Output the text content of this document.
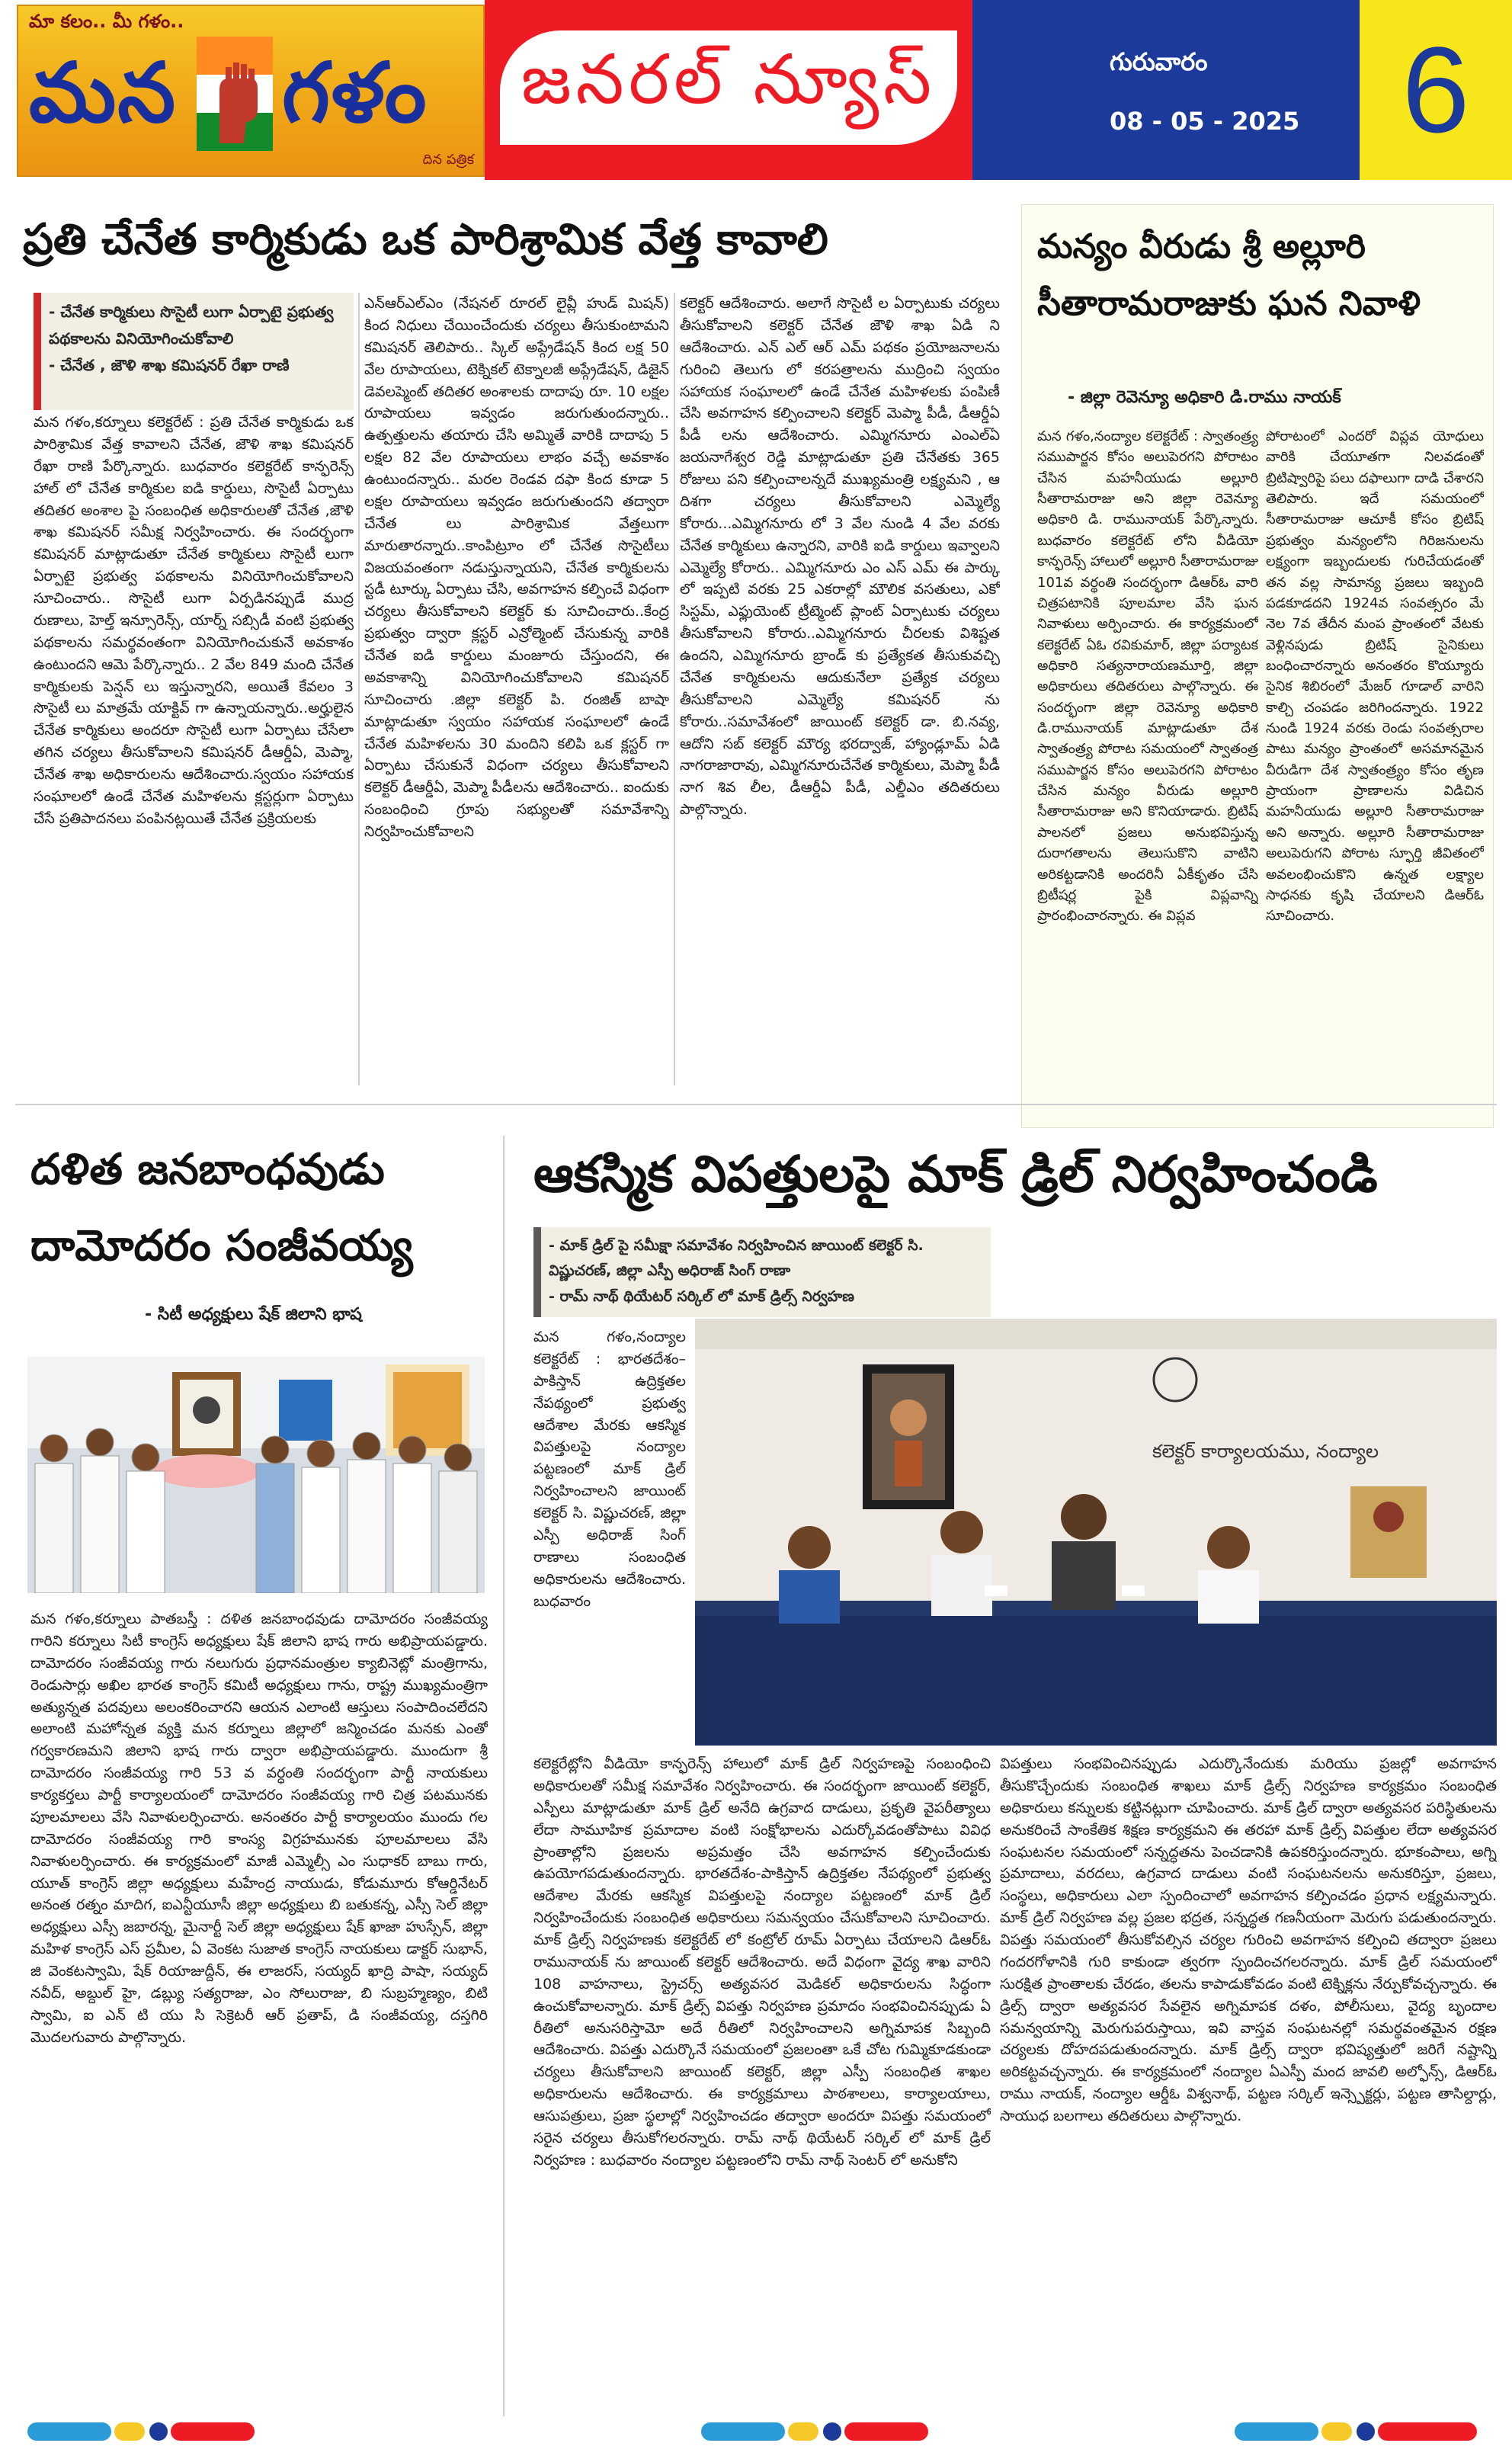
మా కలం.. మీ గళం..
మన గళం
దిన పత్రిక
జనరల్ న్యూస్	గురువారం
08 - 05 - 2025 6
ప్రతి చేనేత కార్మికుడు ఒక పారిశ్రామిక వేత్త కావాలి
- చేనేత కార్మికులు సొసైటీ లుగా ఏర్పాటై ప్రభుత్వ పథకాలను వినియోగించుకోవాలి
- చేనేత , జౌళి శాఖ కమిషనర్ రేఖా రాణి
మన గళం,కర్నూలు కలెక్టరేట్ : ప్రతి చేనేత కార్మికుడు ఒక పారిశ్రామిక వేత్త కావాలని చేనేత, జౌళి శాఖ కమిషనర్ రేఖా రాణి పేర్కొన్నారు. బుధవారం కలెక్టరేట్ కాన్ఫరెన్స్ హాల్ లో చేనేత కార్మికుల ఐడి కార్డులు, సొసైటీ ఏర్పాటు తదితర అంశాల పై సంబంధిత అధికారులతో చేనేత ,జౌళి శాఖ కమిషనర్ సమీక్ష నిర్వహించారు. ఈ సందర్భంగా కమిషనర్ మాట్లాడుతూ చేనేత కార్మికులు సొసైటీ లుగా ఏర్పాటై ప్రభుత్వ పథకాలను వినియోగించుకోవాలని సూచించారు.. సొసైటీ లుగా ఏర్పడినప్పుడే ముద్ర రుణాలు, హెల్త్ ఇన్సూరెన్స్, యార్న్ సబ్సిడీ వంటి ప్రభుత్వ పథకాలను సమర్థవంతంగా వినియోగించుకునే అవకాశం ఉంటుందని ఆమె పేర్కొన్నారు.. 2 వేల 849 మంది చేనేత కార్మికులకు పెన్షన్ లు ఇస్తున్నారని, అయితే కేవలం 3 సొసైటీ లు మాత్రమే యాక్టివ్ గా ఉన్నాయన్నారు..అర్హులైన చేనేత కార్మికులు అందరూ సొసైటీ లుగా ఏర్పాటు చేసేలా తగిన చర్యలు తీసుకోవాలని కమిషనర్ డీఆర్డీఏ, మెప్మా, చేనేత శాఖ అధికారులను ఆదేశించారు.స్వయం సహాయక సంఘాలలో ఉండే చేనేత మహిళలను క్లస్టర్లుగా ఏర్పాటు చేసే ప్రతిపాదనలు పంపినట్లయితే చేనేత ప్రక్రియలకు
ఎన్ఆర్ఎల్ఎం (నేషనల్ రూరల్ లైవ్లీ హుడ్ మిషన్) కింద నిధులు చేయించేందుకు చర్యలు తీసుకుంటామని కమిషనర్ తెలిపారు.. స్కిల్ అప్గ్రేడేషన్ కింద లక్ష 50 వేల రూపాయలు, టెక్నికల్ టెక్నాలజీ అప్గ్రేడేషన్, డిజైన్ డెవలప్మెంట్ తదితర అంశాలకు దాదాపు రూ. 10 లక్షల రూపాయలు ఇవ్వడం జరుగుతుందన్నారు.. ఉత్పత్తులను తయారు చేసి అమ్మితే వారికి దాదాపు 5 లక్షల 82 వేల రూపాయలు లాభం వచ్చే అవకాశం ఉంటుందన్నారు.. మరల రెండవ దఫా కింద కూడా 5 లక్షల రూపాయలు ఇవ్వడం జరుగుతుందని తద్వారా చేనేత లు పారిశ్రామిక వేత్తలుగా మారుతారన్నారు..కాంపిట్రూం లో చేనేత సొసైటీలు విజయవంతంగా నడుస్తున్నాయని, చేనేత కార్మికులను స్టడీ టూర్కు ఏర్పాటు చేసి, అవగాహన కల్పించే విధంగా చర్యలు తీసుకోవాలని కలెక్టర్ కు సూచించారు..కేంద్ర ప్రభుత్వం ద్వారా క్లస్టర్ ఎన్రోల్మెంట్ చేసుకున్న వారికి చేనేత ఐడి కార్డులు మంజూరు చేస్తుందని, ఈ అవకాశాన్ని వినియోగించుకోవాలని కమిషనర్ సూచించారు .జిల్లా కలెక్టర్ పి. రంజిత్ బాషా మాట్లాడుతూ స్వయం సహాయక సంఘాలలో ఉండే చేనేత మహిళలను 30 మందిని కలిపి ఒక క్లస్టర్ గా ఏర్పాటు చేసుకునే విధంగా చర్యలు తీసుకోవాలని కలెక్టర్ డీఆర్డీఏ, మెప్మా పీడీలను ఆదేశించారు.. ఐందుకు సంబంధించి గ్రూపు సభ్యులతో సమావేశాన్ని నిర్వహించుకోవాలని
కలెక్టర్ ఆదేశించారు. అలాగే సొసైటీ ల ఏర్పాటుకు చర్యలు తీసుకోవాలని కలెక్టర్ చేనేత జౌళి శాఖ ఏడి ని ఆదేశించారు. ఎన్ ఎల్ ఆర్ ఎమ్ పథకం ప్రయోజనాలను గురించి తెలుగు లో కరపత్రాలను ముద్రించి స్వయం సహాయక సంఘాలలో ఉండే చేనేత మహిళలకు పంపిణీ చేసి అవగాహన కల్పించాలని కలెక్టర్ మెప్మా పీడీ, డీఆర్డీఏ పీడీ లను ఆదేశించారు. ఎమ్మిగనూరు ఎంఎల్ఏ జయనాగేశ్వర రెడ్డి మాట్లాడుతూ ప్రతి చేనేతకు 365 రోజులు పని కల్పించాలన్నదే ముఖ్యమంత్రి లక్ష్యమని , ఆ దిశగా చర్యలు తీసుకోవాలని ఎమ్మెల్యే కోరారు...ఎమ్మిగనూరు లో 3 వేల నుండి 4 వేల వరకు చేనేత కార్మికులు ఉన్నారని, వారికి ఐడి కార్డులు ఇవ్వాలని ఎమ్మెల్యే కోరారు.. ఎమ్మిగనూరు ఎం ఎస్ ఎమ్ ఈ పార్కు లో ఇప్పటి వరకు 25 ఎకరాల్లో మౌలిక వసతులు, ఎకో సిస్టమ్, ఎఫ్లుయెంట్ ట్రీట్మెంట్ ప్లాంట్ ఏర్పాటుకు చర్యలు తీసుకోవాలని కోరారు..ఎమ్మిగనూరు చీరలకు విశిష్టత ఉందని, ఎమ్మిగనూరు బ్రాండ్ కు ప్రత్యేకత తీసుకువచ్చి చేనేత కార్మికులను ఆదుకునేలా ప్రత్యేక చర్యలు తీసుకోవాలని ఎమ్మెల్యే కమిషనర్ ను కోరారు..సమావేశంలో జాయింట్ కలెక్టర్ డా. బి.నవ్య, ఆదోని సబ్ కలెక్టర్ మౌర్య భరద్వాజ్, హ్యాండ్లూమ్ ఏడి నాగరాజారావు, ఎమ్మిగనూరుచేనేత కార్మికులు, మెప్మా పీడీ నాగ శివ లీల, డీఆర్డీఏ పీడీ, ఎల్డీఎం తదితరులు పాల్గొన్నారు.
మన్యం వీరుడు శ్రీ అల్లూరి సీతారామరాజుకు ఘన నివాళి
- జిల్లా రెవెన్యూ అధికారి డి.రాము నాయక్
మన గళం,నంద్యాల కలెక్టరేట్ : స్వాతంత్ర్య సముపార్జన కోసం అలుపెరగని పోరాటం చేసిన మహనీయుడు అల్లూరి సీతారామరాజు అని జిల్లా రెవెన్యూ అధికారి డి. రామునాయక్ పేర్కొన్నారు. బుధవారం కలెక్టరేట్ లోని వీడియో కాన్ఫరెన్స్ హాలులో అల్లూరి సీతారామరాజు 101వ వర్థంతి సందర్భంగా డిఆర్ఓ వారి చిత్రపటానికి పూలమాల వేసి ఘన నివాళులు అర్పించారు. ఈ కార్యక్రమంలో కలెక్టరేట్ ఏఓ రవికుమార్, జిల్లా పర్యాటక అధికారి సత్యనారాయణమూర్తి, జిల్లా అధికారులు తదితరులు పాల్గొన్నారు. ఈ సందర్భంగా జిల్లా రెవెన్యూ అధికారి డి.రామునాయక్ మాట్లాడుతూ దేశ స్వాతంత్ర్య పోరాట సమయంలో స్వాతంత్ర సముపార్జన కోసం అలుపెరగని పోరాటం చేసిన మన్యం వీరుడు అల్లూరి సీతారామరాజు అని కొనియాడారు. బ్రిటిష్ పాలనలో ప్రజలు అనుభవిస్తున్న దురాగతాలను తెలుసుకొని వాటిని అరికట్టడానికి అందరినీ ఏకీకృతం చేసి బ్రిటీషర్ల పైకి విప్లవాన్ని ప్రారంభించారన్నారు. ఈ విప్లవ
పోరాటంలో ఎందరో విప్లవ యోధులు వారికి చేయూతగా నిలవడంతో బ్రిటిష్వారిపై పలు దఫాలుగా దాడి చేశారని తెలిపారు. ఇదే సమయంలో సీతారామరాజు ఆచూకీ కోసం బ్రిటిష్ ప్రభుత్వం మన్యంలోని గిరిజనులను లక్ష్యంగా ఇబ్బందులకు గురిచేయడంతో తన వల్ల సామాన్య ప్రజలు ఇబ్బంది పడకూడదని 1924వ సంవత్సరం మే నెల 7వ తేదీన మంప ప్రాంతంలో వేటకు వెళ్లినపుడు బ్రిటిష్ సైనికులు బంధించారన్నారు అనంతరం కొయ్యూరు సైనిక శిబిరంలో మేజర్ గూడాల్ వారిని కాల్చి చంపడం జరిగిందన్నారు. 1922 నుండి 1924 వరకు రెండు సంవత్సరాల పాటు మన్యం ప్రాంతంలో అసమానమైన వీరుడిగా దేశ స్వాతంత్ర్యం కోసం తృణ ప్రాయంగా ప్రాణాలను విడిచిన మహనీయుడు అల్లూరి సీతారామరాజు అని అన్నారు. అల్లూరి సీతారామరాజు అలుపెరుగని పోరాట స్ఫూర్తి జీవితంలో అవలంభించుకొని ఉన్నత లక్ష్యాల సాధనకు కృషి చేయాలని డిఆర్ఓ సూచించారు.
దళిత జనబాంధవుడు
దామోదరం సంజీవయ్య
- సిటీ అధ్యక్షులు షేక్ జిలాని భాష
మన గళం,కర్నూలు పాతబస్తీ : దళిత జనబాంధవుడు దామోదరం సంజీవయ్య గారిని కర్నూలు సిటీ కాంగ్రెస్ అధ్యక్షులు షేక్ జిలాని భాష గారు అభిప్రాయపడ్డారు. దామోదరం సంజీవయ్య గారు నలుగురు ప్రధానమంత్రుల క్యాబినెట్లో మంత్రిగాను, రెండుసార్లు అఖిల భారత కాంగ్రెస్ కమిటీ అధ్యక్షులు గాను, రాష్ట్ర ముఖ్యమంత్రిగా అత్యున్నత పదవులు అలంకరించారని ఆయన ఎలాంటి ఆస్తులు సంపాదించలేదని అలాంటి మహోన్నత వ్యక్తి మన కర్నూలు జిల్లాలో జన్మించడం మనకు ఎంతో గర్వకారణమని జిలాని భాష గారు ద్వారా అభిప్రాయపడ్డారు. ముందుగా శ్రీ దామోదరం సంజీవయ్య గారి 53 వ వర్ధంతి సందర్భంగా పార్టీ నాయకులు కార్యకర్తలు పార్టీ కార్యాలయంలో దామోదరం సంజీవయ్య గారి చిత్ర పటమునకు పూలమాలలు వేసి నివాళులర్పించారు. అనంతరం పార్టీ కార్యాలయం ముందు గల దామోదరం సంజీవయ్య గారి కాంస్య విగ్రహమునకు పూలమాలలు వేసి నివాళులర్పించారు. ఈ కార్యక్రమంలో మాజీ ఎమ్మెల్సీ ఎం సుధాకర్ బాబు గారు, యూత్ కాంగ్రెస్ జిల్లా అధ్యక్షులు మహేంద్ర నాయుడు, కోడుమూరు కోఆర్డినేటర్ అనంత రత్నం మాదిగ, ఐఎన్టీయూసీ జిల్లా అధ్యక్షులు బి బతుకన్న, ఎస్సీ సెల్ జిల్లా అధ్యక్షులు ఎస్సీ జబారన్న, మైనార్టీ సెల్ జిల్లా అధ్యక్షులు షేక్ ఖాజా హుస్సేన్, జిల్లా మహిళ కాంగ్రెస్ ఎస్ ప్రమీల, ఏ వెంకట సుజాత కాంగ్రెస్ నాయకులు డాక్టర్ సుభాన్, జి వెంకటస్వామి, షేక్ రియాజుద్దీన్, ఈ లాజరస్, సయ్యద్ ఖాద్రి పాషా, సయ్యద్ నవీద్, అబ్దుల్ హై, డబ్ల్యు సత్యరాజు, ఎం సోలురాజు, బి సుబ్రహ్మణ్యం, బిటి స్వామి, ఐ ఎన్ టి యు సి సెక్రెటరీ ఆర్ ప్రతాప్, డి సంజీవయ్య, దస్తగిరి మొదలగువారు పాల్గొన్నారు.
ఆకస్మిక విపత్తులపై మాక్ డ్రిల్ నిర్వహించండి
- మాక్ డ్రిల్ పై సమీక్షా సమావేశం నిర్వహించిన జాయింట్ కలెక్టర్ సి. విష్ణుచరణ్, జిల్లా ఎస్పీ అధిరాజ్ సింగ్ రాణా
- రామ్ నాథ్ థియేటర్ సర్కిల్ లో మాక్ డ్రిల్స్ నిర్వహణ
మన గళం,నంద్యాల కలెక్టరేట్ : భారతదేశం–పాకిస్తాన్ ఉద్రిక్తతల నేపథ్యంలో ప్రభుత్వ ఆదేశాల మేరకు ఆకస్మిక విపత్తులపై నంద్యాల పట్టణంలో మాక్ డ్రిల్ నిర్వహించాలని జాయింట్ కలెక్టర్ సి. విష్ణుచరణ్, జిల్లా ఎస్పీ అధిరాజ్ సింగ్ రాణాలు సంబంధిత అధికారులను ఆదేశించారు. బుధవారం
కలెక్టర్ కార్యాలయము, నంద్యాల
కలెక్టరేట్లోని వీడియో కాన్ఫరెన్స్ హాలులో మాక్ డ్రిల్ నిర్వహణపై సంబంధించి అధికారులతో సమీక్ష సమావేశం నిర్వహించారు. ఈ సందర్భంగా జాయింట్ కలెక్టర్, ఎస్పీలు మాట్లాడుతూ మాక్ డ్రిల్ అనేది ఉగ్రవాద దాడులు, ప్రకృతి వైపరీత్యాలు లేదా సామూహిక ప్రమాదాల వంటి సంక్షోభాలను ఎదుర్కోవడంతోపాటు వివిధ ప్రాంతాల్లోని ప్రజలను అప్రమత్తం చేసి అవగాహన కల్పించేందుకు ఉపయోగపడుతుందన్నారు. భారతదేశం-పాకిస్తాన్ ఉద్రిక్తతల నేపథ్యంలో ప్రభుత్వ ఆదేశాల మేరకు ఆకస్మిక విపత్తులపై నంద్యాల పట్టణంలో మాక్ డ్రిల్ నిర్వహించేందుకు సంబంధిత అధికారులు సమన్వయం చేసుకోవాలని సూచించారు. మాక్ డ్రిల్స్ నిర్వహణకు కలెక్టరేట్ లో కంట్రోల్ రూమ్ ఏర్పాటు చేయాలని డిఆర్ఓ రామునాయక్ ను జాయింట్ కలెక్టర్ ఆదేశించారు. అదే విధంగా వైద్య శాఖ వారిని 108 వాహనాలు, స్ట్రెచర్స్ అత్యవసర మెడికల్ అధికారులను సిద్ధంగా ఉంచుకోవాలన్నారు. మాక్ డ్రిల్స్ విపత్తు నిర్వహణ ప్రమాదం సంభవించినప్పుడు ఏ రీతిలో అనుసరిస్తామో అదే రీతిలో నిర్వహించాలని అగ్నిమాపక సిబ్బంది ఆదేశించారు. విపత్తు ఎదుర్కొనే సమయంలో ప్రజలంతా ఒకే చోట గుమ్మికూడకుండా చర్యలు తీసుకోవాలని జాయింట్ కలెక్టర్, జిల్లా ఎస్పీ సంబంధిత శాఖల అధికారులను ఆదేశించారు. ఈ కార్యక్రమాలు పాఠశాలలు, కార్యాలయాలు, ఆసుపత్రులు, ప్రజా స్థలాల్లో నిర్వహించడం తద్వారా అందరూ విపత్తు సమయంలో సరైన చర్యలు తీసుకోగలరన్నారు. రామ్ నాథ్ థియేటర్ సర్కిల్ లో మాక్ డ్రిల్ నిర్వహణ : బుధవారం నంద్యాల పట్టణంలోని రామ్ నాథ్ సెంటర్ లో అనుకోని
విపత్తులు సంభవించినప్పుడు ఎదుర్కొనేందుకు మరియు ప్రజల్లో అవగాహన తీసుకొచ్చేందుకు సంబంధిత శాఖలు మాక్ డ్రిల్స్ నిర్వహణ కార్యక్రమం సంబంధిత అధికారులు కన్నులకు కట్టినట్లుగా చూపించారు. మాక్ డ్రిల్ ద్వారా అత్యవసర పరిస్థితులను అనుకరించే సాంకేతిక శిక్షణ కార్యక్రమని ఈ తరహా మాక్ డ్రిల్స్ విపత్తుల లేదా అత్యవసర సంఘటనల సమయంలో సన్నద్ధతను పెంచడానికి ఉపకరిస్తుందన్నారు. భూకంపాలు, అగ్ని ప్రమాదాలు, వరదలు, ఉగ్రవాద దాడులు వంటి సంఘటనలను అనుకరిస్తూ, ప్రజలు, సంస్థలు, అధికారులు ఎలా స్పందించాలో అవగాహన కల్పించడం ప్రధాన లక్ష్యమన్నారు. మాక్ డ్రిల్ నిర్వహణ వల్ల ప్రజల భద్రత, సన్నద్ధత గణనీయంగా మెరుగు పడుతుందన్నారు. విపత్తు సమయంలో తీసుకోవల్సిన చర్యల గురించి అవగాహన కల్పించి తద్వారా ప్రజలు గందరగోళానికి గురి కాకుండా త్వరగా స్పందించగలరన్నారు. మాక్ డ్రిల్ సమయంలో సురక్షిత ప్రాంతాలకు చేరడం, తలను కాపాడుకోవడం వంటి టెక్నిక్లను నేర్పుకోవచ్చన్నారు. ఈ డ్రిల్స్ ద్వారా అత్యవసర సేవలైన అగ్నిమాపక దళం, పోలీసులు, వైద్య బృందాల సమన్వయాన్ని మెరుగుపరుస్తాయి, ఇవి వాస్తవ సంఘటనల్లో సమర్థవంతమైన రక్షణ చర్యలకు దోహదపడుతుందన్నారు. మాక్ డ్రిల్స్ ద్వారా భవిష్యత్తులో జరిగే నష్టాన్ని అరికట్టవచ్చన్నారు. ఈ కార్యక్రమంలో నంద్యాల ఏఎస్పీ మంద జావలి అల్ఫోన్స్, డిఆర్ఓ రాము నాయక్, నంద్యాల ఆర్డీఓ విశ్వనాథ్, పట్టణ సర్కిల్ ఇన్స్పెక్టర్లు, పట్టణ తాసిల్దార్లు, సాయుధ బలగాలు తదితరులు పాల్గొన్నారు.
